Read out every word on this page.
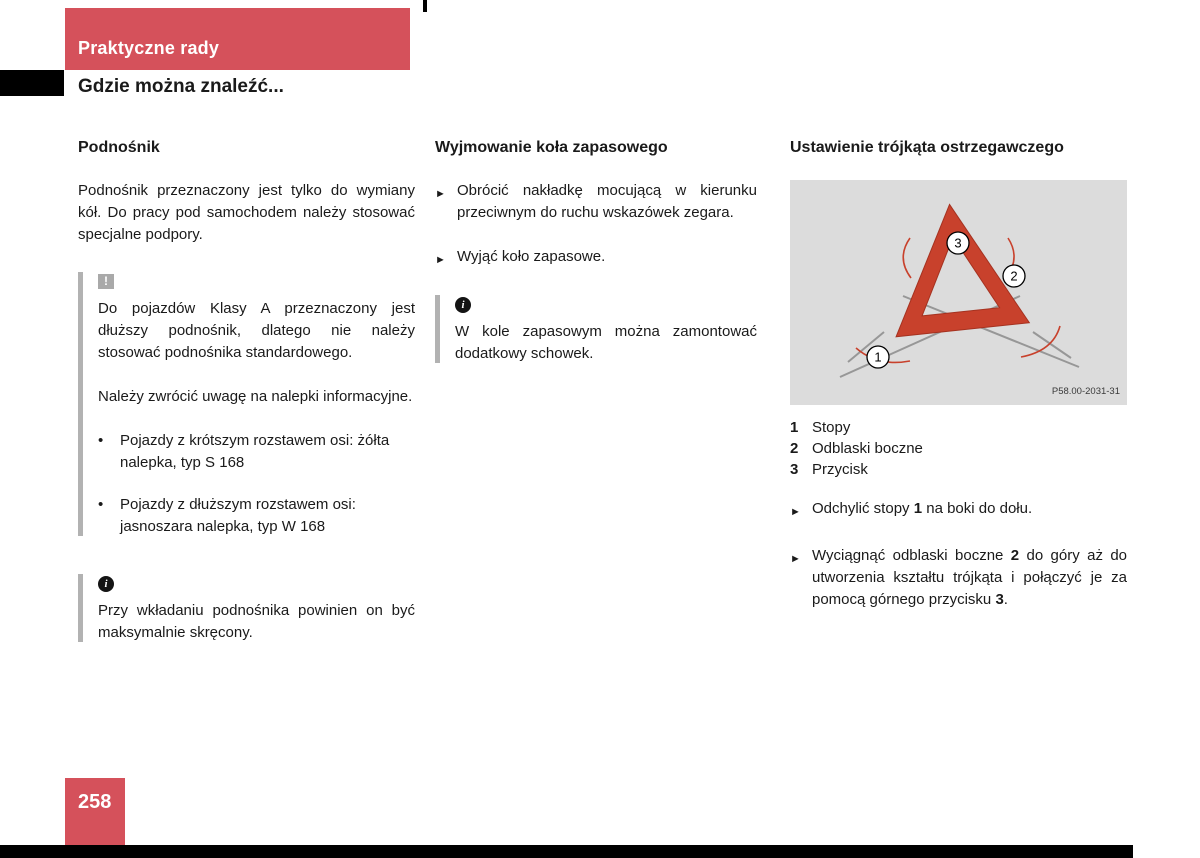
Praktyczne rady
Gdzie można znaleźć...
Podnośnik

Podnośnik przeznaczony jest tylko do wymiany kół. Do pracy pod samochodem należy stosować specjalne podpory.

!

Do pojazdów Klasy A przeznaczony jest dłuższy podnośnik, dlatego nie należy stosować podnośnika standardowego.

Należy zwrócić uwagę na nalepki informacyjne.

•	Pojazdy z krótszym rozstawem osi: żółta nalepka, typ S 168
•	Pojazdy z dłuższym rozstawem osi: jasnoszara nalepka, typ W 168
i

Przy wkładaniu podnośnika powinien on być maksymalnie skręcony.

Wyjmowanie koła zapasowego
► Obrócić nakładkę mocującą w kierunku przeciwnym do ruchu wskazówek zegara.

► Wyjąć koło zapasowe.

i

W kole zapasowym można zamontować dodatkowy schowek.

Ustawienie trójkąta ostrzegawczego
1
2
3
P58.00-2031-31
1 Stopy
2 Odblaski boczne
3 Przycisk
► Odchylić stopy 1 na boki do dołu.

► Wyciągnąć odblaski boczne 2 do góry aż do utworzenia kształtu trójkąta i połączyć je za pomocą górnego przycisku 3.

258
